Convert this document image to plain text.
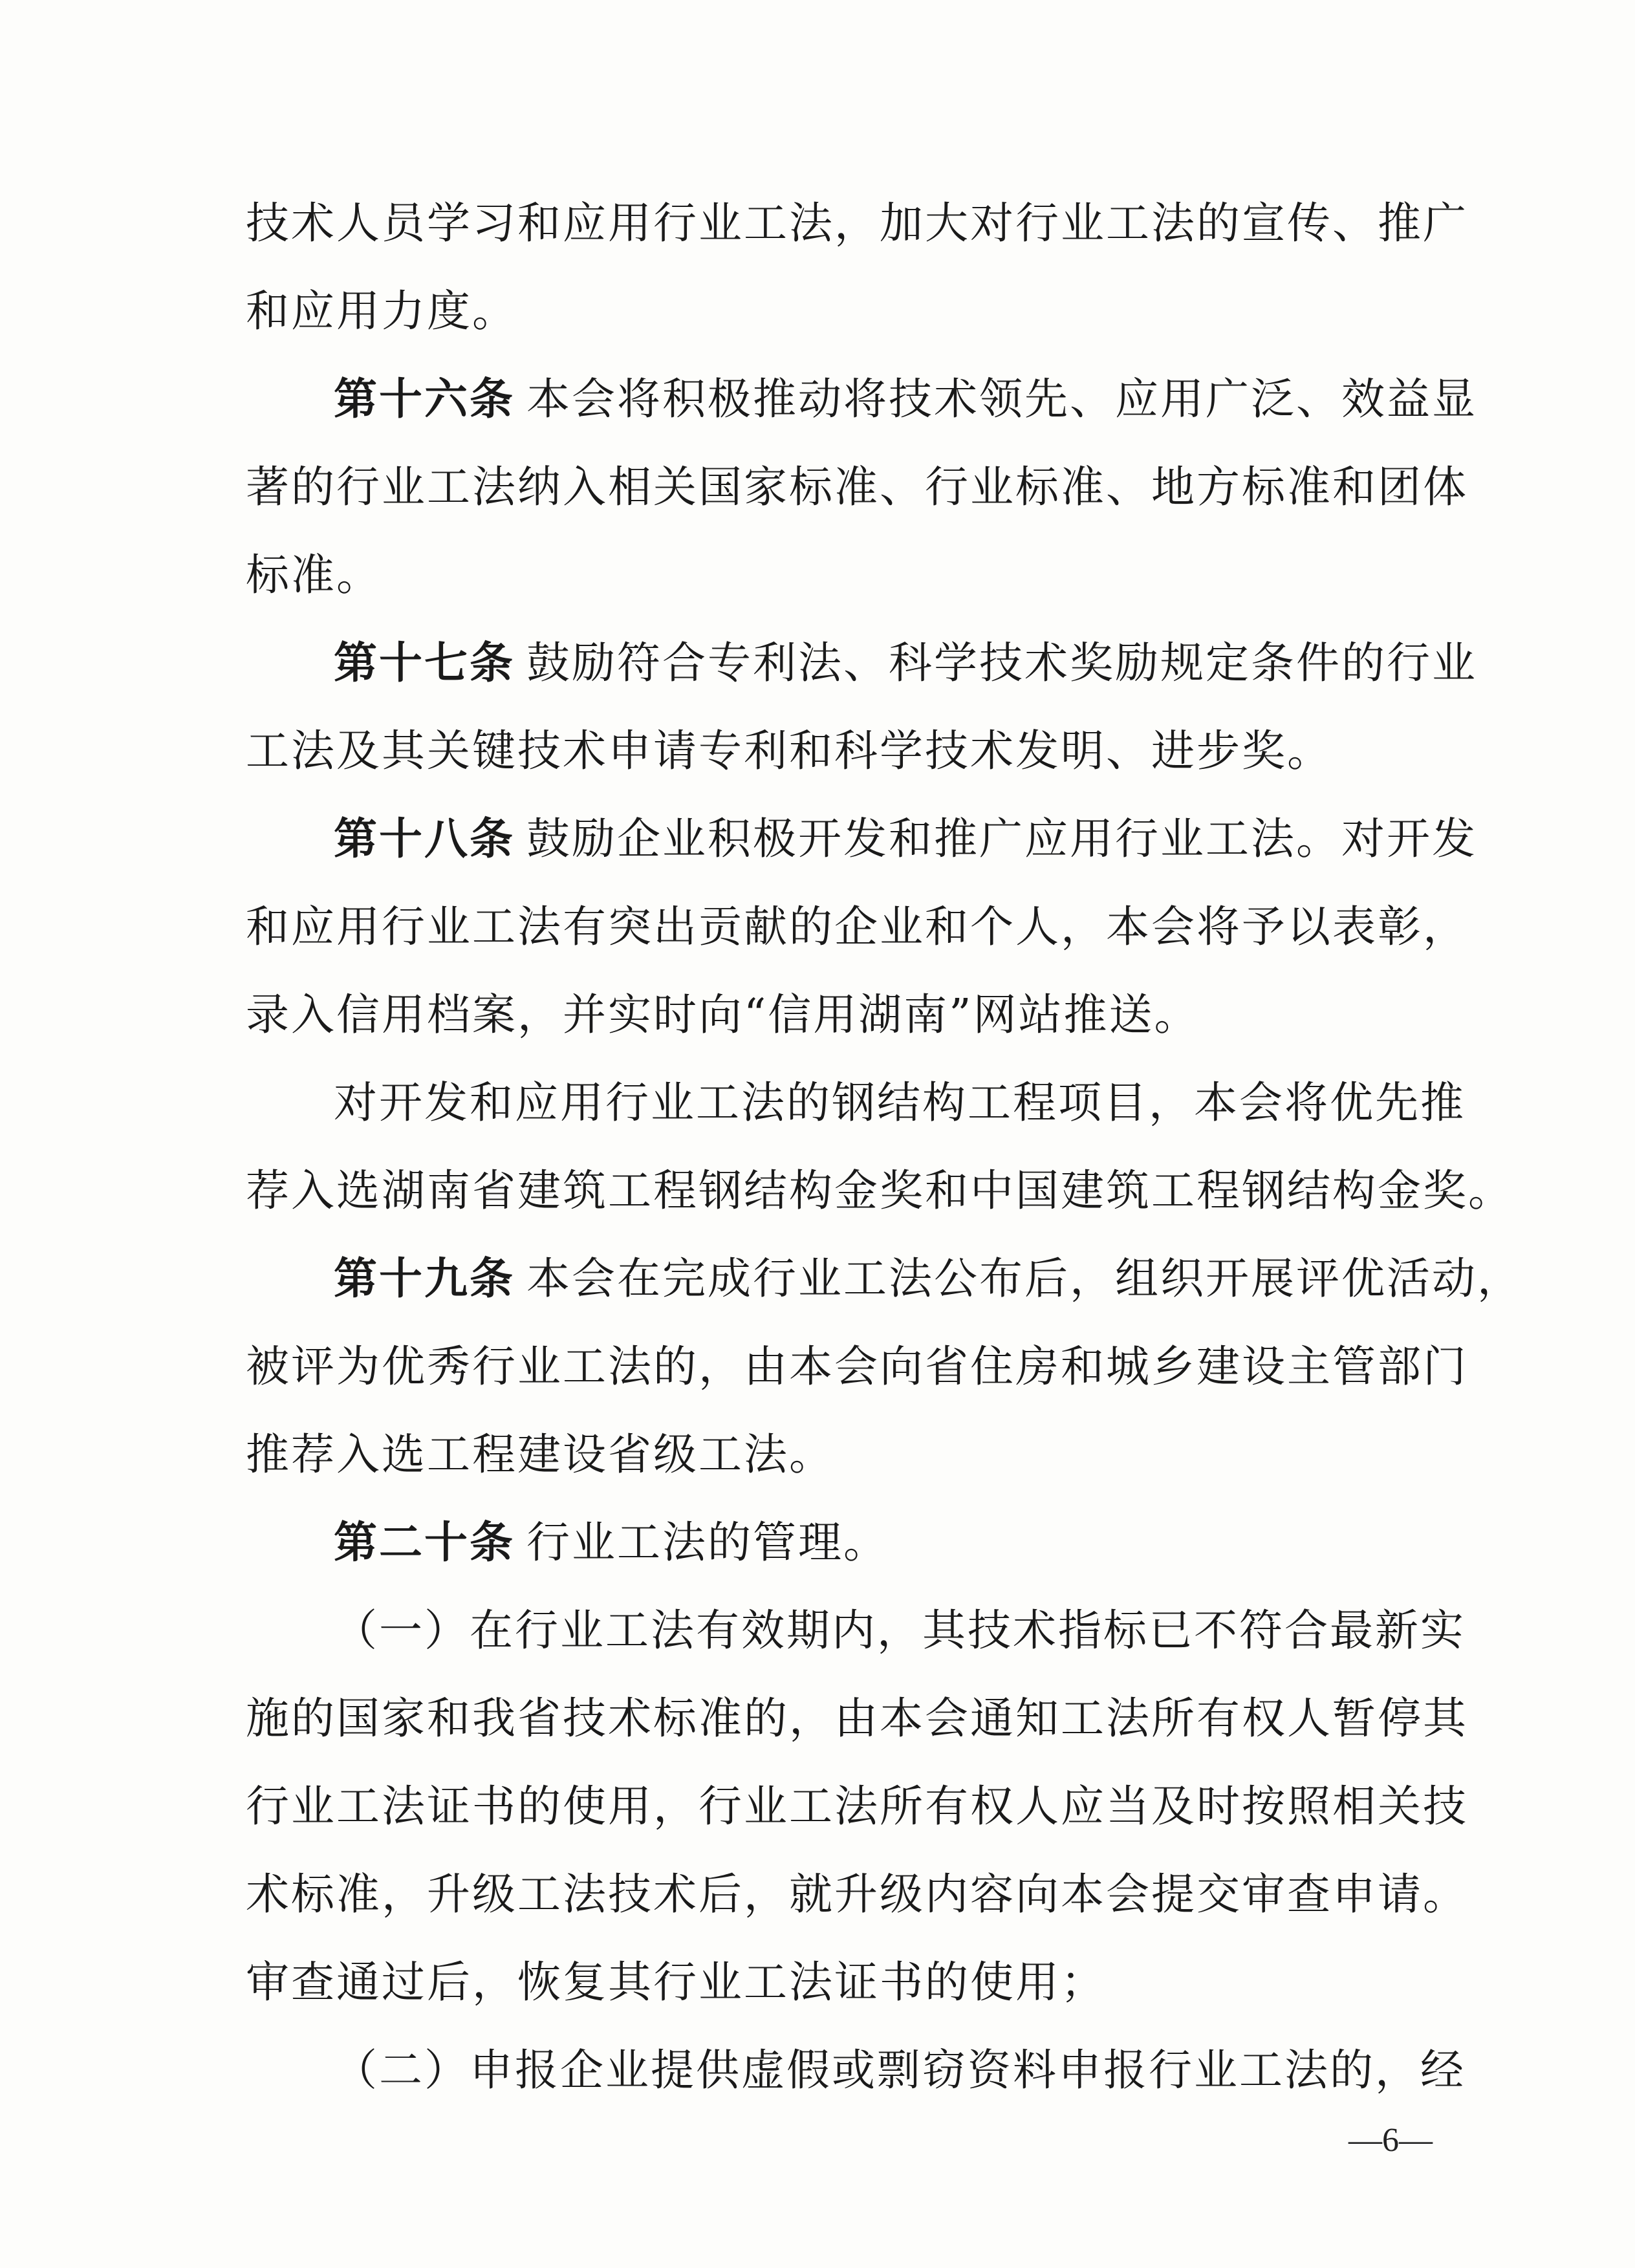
技术人员学习和应用行业工法，加大对行业工法的宣传、推广

和应用力度。

第十六条 本会将积极推动将技术领先、应用广泛、效益显

著的行业工法纳入相关国家标准、行业标准、地方标准和团体

标准。

第十七条 鼓励符合专利法、科学技术奖励规定条件的行业

工法及其关键技术申请专利和科学技术发明、进步奖。

第十八条 鼓励企业积极开发和推广应用行业工法。对开发

和应用行业工法有突出贡献的企业和个人，本会将予以表彰，

录入信用档案，并实时向“信用湖南”网站推送。

对开发和应用行业工法的钢结构工程项目，本会将优先推

荐入选湖南省建筑工程钢结构金奖和中国建筑工程钢结构金奖。

第十九条 本会在完成行业工法公布后，组织开展评优活动，

被评为优秀行业工法的，由本会向省住房和城乡建设主管部门

推荐入选工程建设省级工法。

第二十条 行业工法的管理。

（一）在行业工法有效期内，其技术指标已不符合最新实

施的国家和我省技术标准的，由本会通知工法所有权人暂停其

行业工法证书的使用，行业工法所有权人应当及时按照相关技

术标准，升级工法技术后，就升级内容向本会提交审查申请。

审查通过后，恢复其行业工法证书的使用；

（二）申报企业提供虚假或剽窃资料申报行业工法的，经

—6—
